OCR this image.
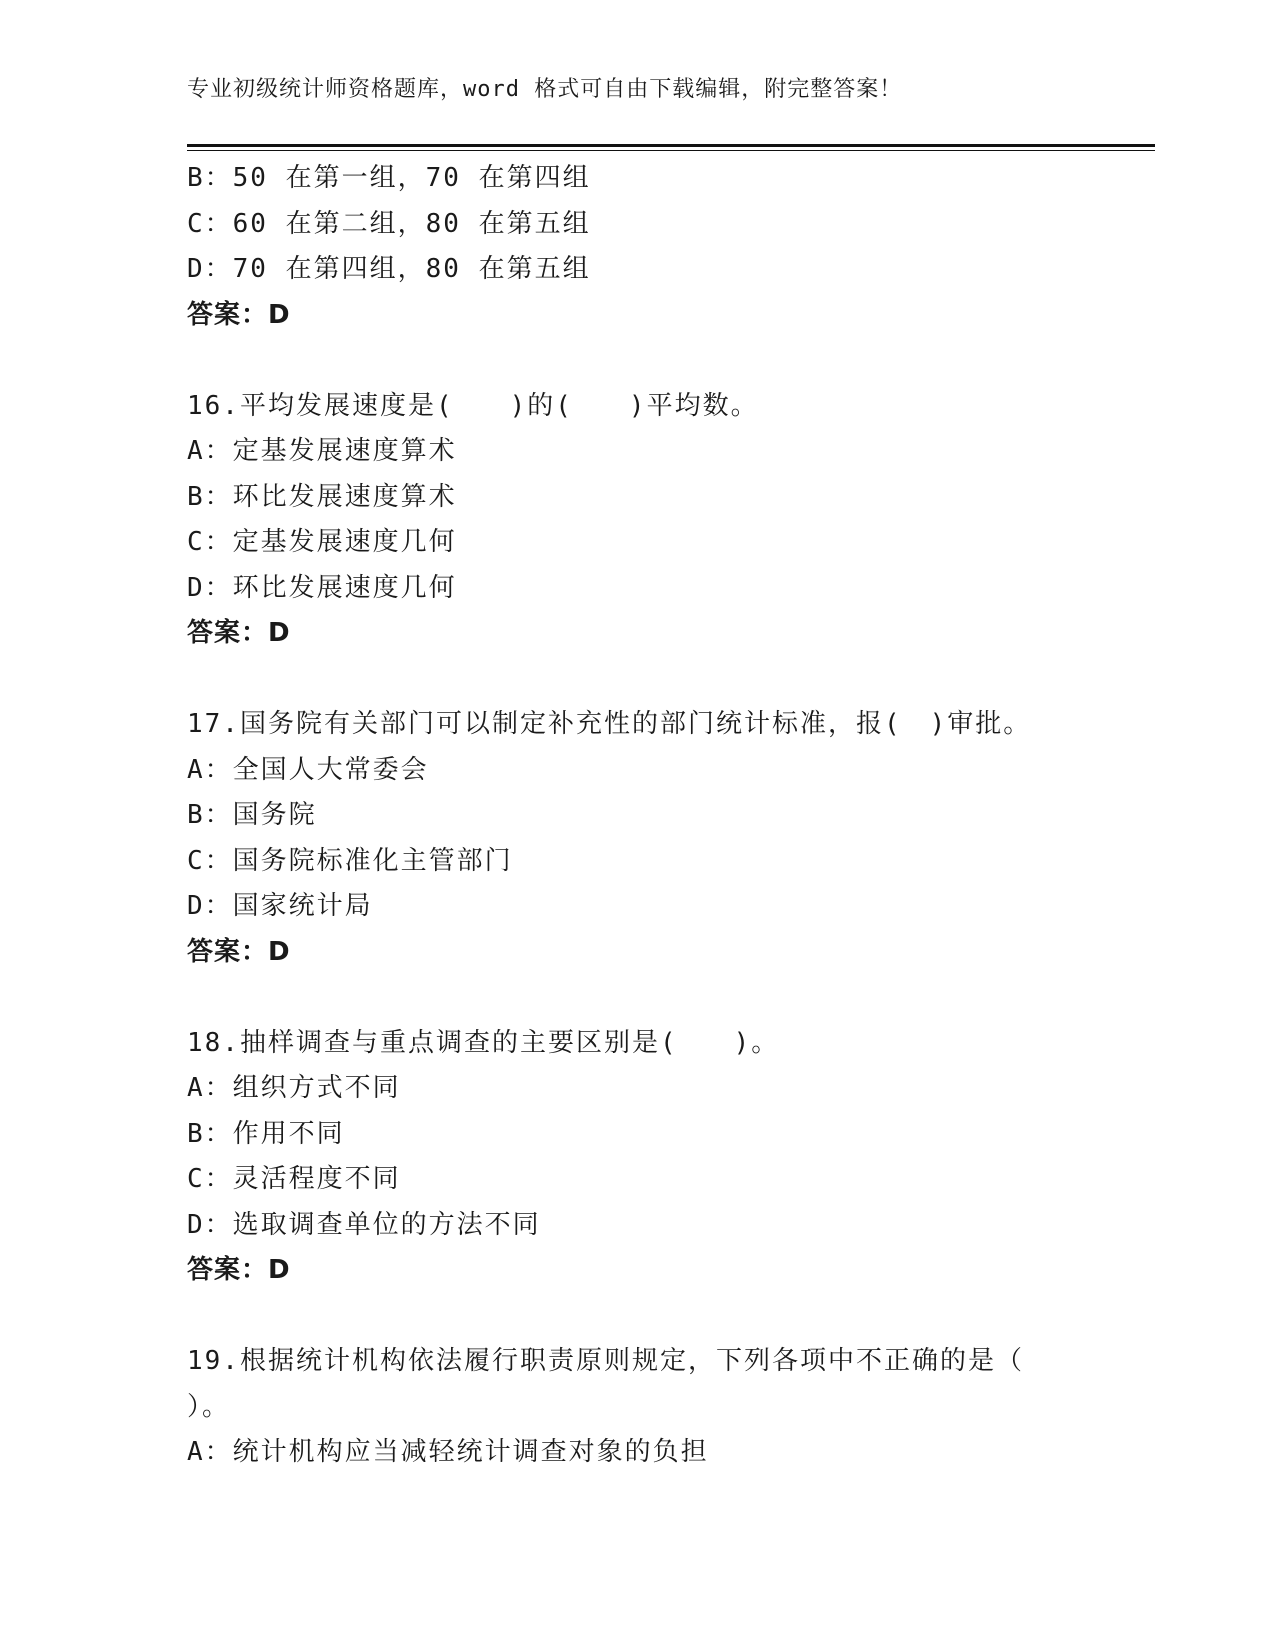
专业初级统计师资格题库，word 格式可自由下载编辑，附完整答案！
B：50 在第一组，70 在第四组
C：60 在第二组，80 在第五组
D：70 在第四组，80 在第五组
答案：D
16.平均发展速度是(　　)的(　　)平均数。
A：定基发展速度算术
B：环比发展速度算术
C：定基发展速度几何
D：环比发展速度几何
答案：D
17.国务院有关部门可以制定补充性的部门统计标准，报(　)审批。
A：全国人大常委会
B：国务院
C：国务院标准化主管部门
D：国家统计局
答案：D
18.抽样调查与重点调查的主要区别是(　　)。
A：组织方式不同
B：作用不同
C：灵活程度不同
D：选取调查单位的方法不同
答案：D
19.根据统计机构依法履行职责原则规定，下列各项中不正确的是（
）。
A：统计机构应当减轻统计调查对象的负担
